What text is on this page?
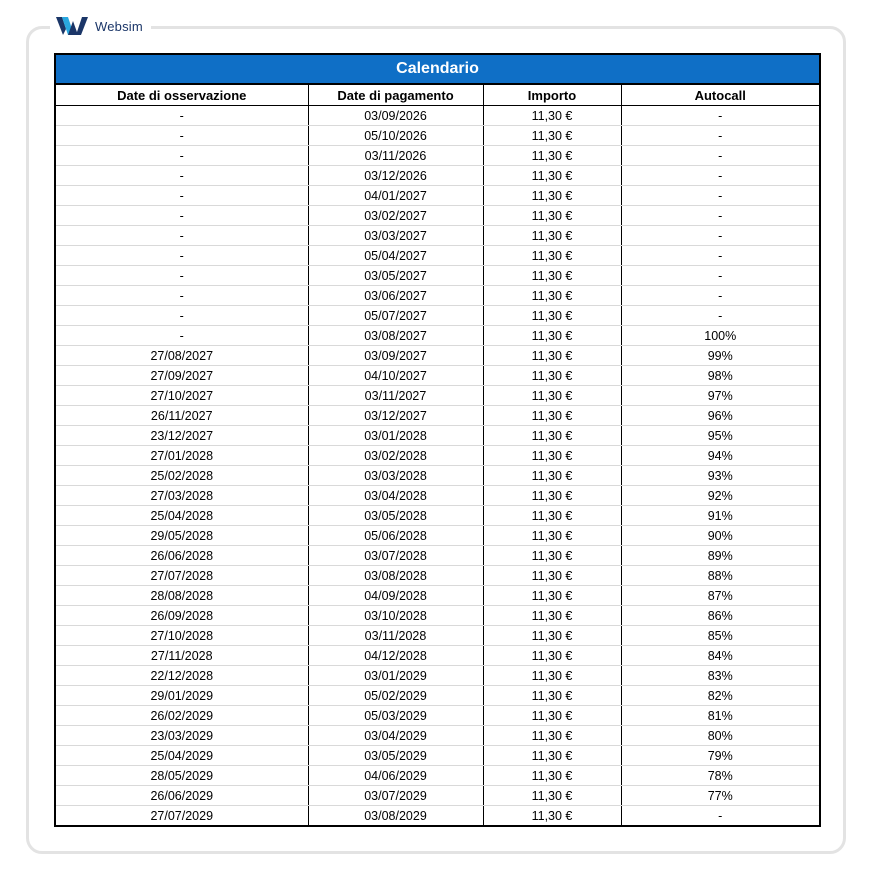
Websim
Calendario			
Date di osservazione	Date di pagamento	Importo	Autocall
-	03/09/2026	11,30 €	-
-	05/10/2026	11,30 €	-
-	03/11/2026	11,30 €	-
-	03/12/2026	11,30 €	-
-	04/01/2027	11,30 €	-
-	03/02/2027	11,30 €	-
-	03/03/2027	11,30 €	-
-	05/04/2027	11,30 €	-
-	03/05/2027	11,30 €	-
-	03/06/2027	11,30 €	-
-	05/07/2027	11,30 €	-
-	03/08/2027	11,30 €	100%
27/08/2027	03/09/2027	11,30 €	99%
27/09/2027	04/10/2027	11,30 €	98%
27/10/2027	03/11/2027	11,30 €	97%
26/11/2027	03/12/2027	11,30 €	96%
23/12/2027	03/01/2028	11,30 €	95%
27/01/2028	03/02/2028	11,30 €	94%
25/02/2028	03/03/2028	11,30 €	93%
27/03/2028	03/04/2028	11,30 €	92%
25/04/2028	03/05/2028	11,30 €	91%
29/05/2028	05/06/2028	11,30 €	90%
26/06/2028	03/07/2028	11,30 €	89%
27/07/2028	03/08/2028	11,30 €	88%
28/08/2028	04/09/2028	11,30 €	87%
26/09/2028	03/10/2028	11,30 €	86%
27/10/2028	03/11/2028	11,30 €	85%
27/11/2028	04/12/2028	11,30 €	84%
22/12/2028	03/01/2029	11,30 €	83%
29/01/2029	05/02/2029	11,30 €	82%
26/02/2029	05/03/2029	11,30 €	81%
23/03/2029	03/04/2029	11,30 €	80%
25/04/2029	03/05/2029	11,30 €	79%
28/05/2029	04/06/2029	11,30 €	78%
26/06/2029	03/07/2029	11,30 €	77%
27/07/2029	03/08/2029	11,30 €	-
